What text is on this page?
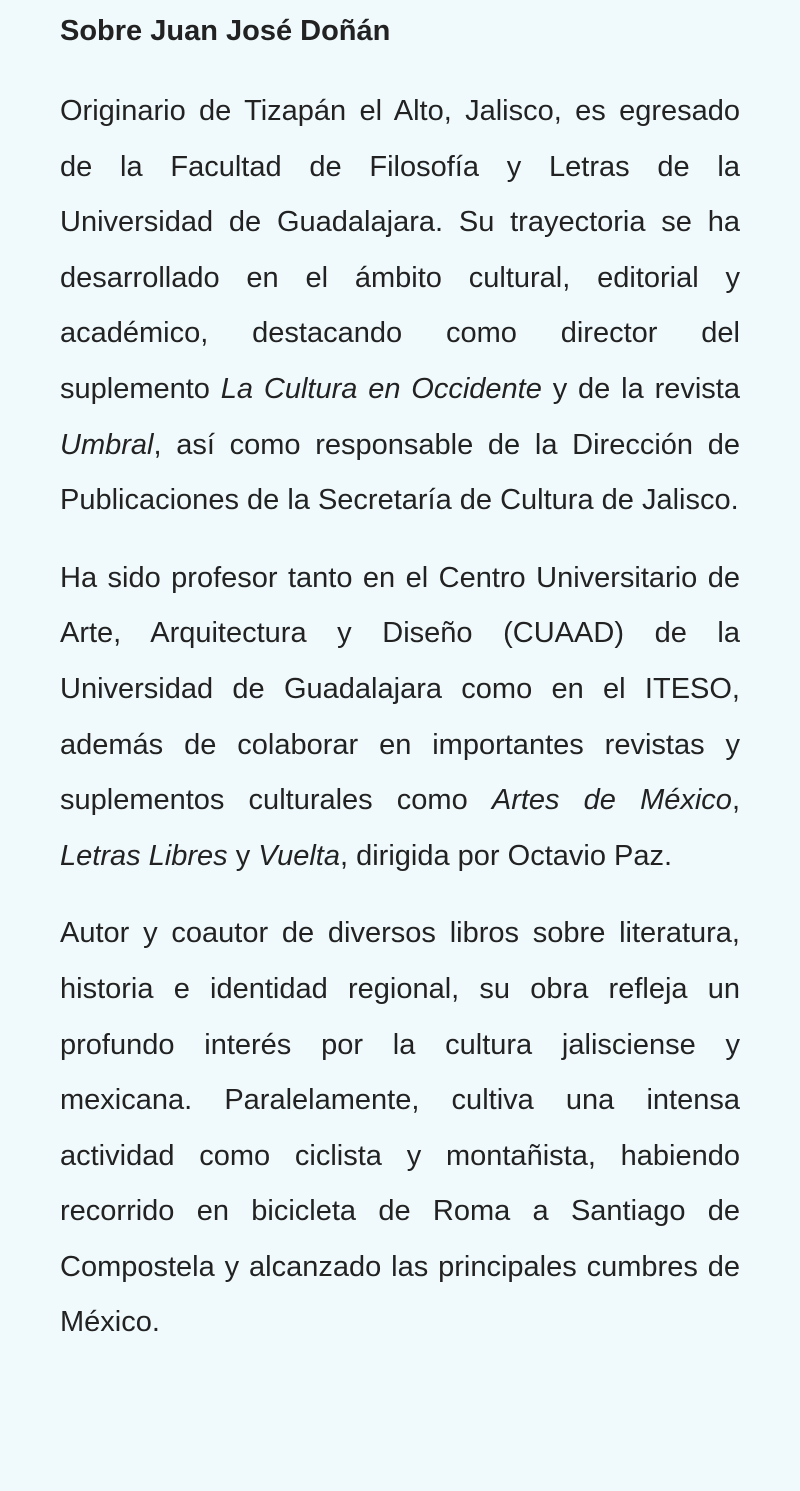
Sobre Juan José Doñán

Originario de Tizapán el Alto, Jalisco, es egresado de la Facultad de Filosofía y Letras de la Universidad de Guadalajara. Su trayectoria se ha desarrollado en el ámbito cultural, editorial y académico, destacando como director del suplemento La Cultura en Occidente y de la revista Umbral, así como responsable de la Dirección de Publicaciones de la Secretaría de Cultura de Jalisco.

Ha sido profesor tanto en el Centro Universitario de Arte, Arquitectura y Diseño (CUAAD) de la Universidad de Guadalajara como en el ITESO, además de colaborar en importantes revistas y suplementos culturales como Artes de México, Letras Libres y Vuelta, dirigida por Octavio Paz.

Autor y coautor de diversos libros sobre literatura, historia e identidad regional, su obra refleja un profundo interés por la cultura jalisciense y mexicana. Paralelamente, cultiva una intensa actividad como ciclista y montañista, habiendo recorrido en bicicleta de Roma a Santiago de Compostela y alcanzado las principales cumbres de México.
